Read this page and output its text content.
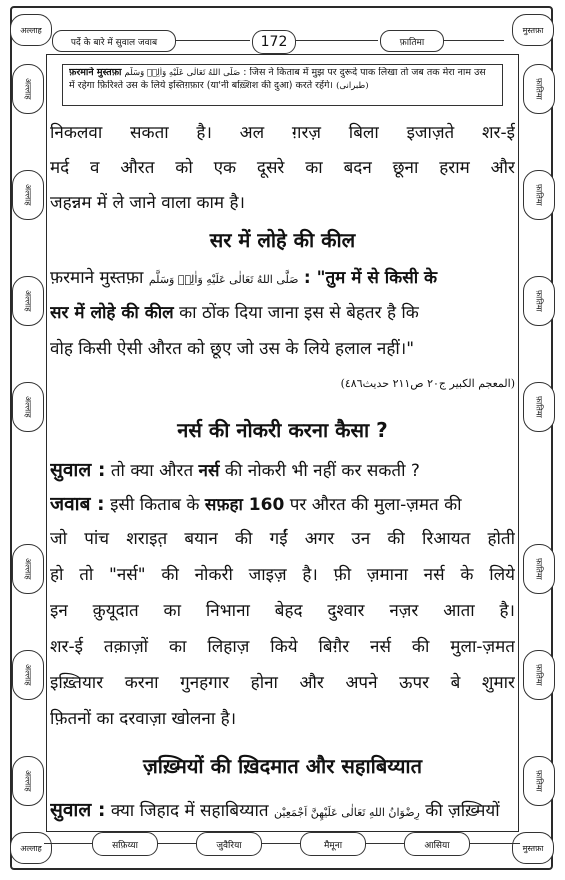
पर्दे के बारे में सुवाल जवाब	172	फ़ातिमा
अल्लाह	मुस्तफ़ा
अल्लाह	मुस्तफ़ा
अल्लाह
अल्लाह
अल्लाह
अल्लाह
अल्लाह
अल्लाह
अल्लाह
फ़ातिमा
फ़ातिमा
फ़ातिमा
फ़ातिमा
फ़ातिमा
फ़ातिमा
फ़ातिमा
फ़रमाने मुस्तफ़ा صَلَّى اللهُ تَعَالٰى عَلَيْهِ وَاٰلِهٖ وَسَلَّم : जिस ने किताब में मुझ पर दुरूदे पाक लिखा तो जब तक मेरा नाम उस
में रहेगा फ़िरिश्ते उस के लिये इस्तिग़फ़ार (या'नी बख़्शिश की दुआ) करते रहेंगे। (طبرانی)
निकलवा सकता है। अल ग़रज़ बिला इजाज़ते शर-ई
मर्द व औरत को एक दूसरे का बदन छूना हराम और
जहन्नम में ले जाने वाला काम है।
सर में लोहे की कील
फ़रमाने मुस्तफ़ा صَلَّى اللهُ تَعَالٰى عَلَيْهِ وَاٰلِهٖ وَسَلَّم : "तुम में से किसी के
सर में लोहे की कील का ठोंक दिया जाना इस से बेहतर है कि
वोह किसी ऐसी औरत को छूए जो उस के लिये हलाल नहीं।"
(المعجم الکبیر ج٢٠ ص٢١١ حدیث٤٨٦)
नर्स की नोकरी करना कैसा ?
सुवाल : तो क्या औरत नर्स की नोकरी भी नहीं कर सकती ?
जवाब : इसी किताब के सफ़हा 160 पर औरत की मुला-ज़मत की
जो पांच शराइत़ बयान की गईं अगर उन की रिआयत होती
हो तो "नर्स" की नोकरी जाइज़ है। फ़ी ज़माना नर्स के लिये
इन क़ुयूदात का निभाना बेहद दुश्वार नज़र आता है।
शर-ई तक़ाज़ों का लिहाज़ किये बिग़ैर नर्स की मुला-ज़मत
इख़्तियार करना गुनहगार होना और अपने ऊपर बे शुमार
फ़ितनों का दरवाज़ा खोलना है।
ज़ख़्मियों की ख़िदमात और सहाबिय्यात
सुवाल : क्या जिहाद में सहाबिय्यात رِضْوَانُ اللهِ تَعَالٰى عَلَيْهِنَّ اَجْمَعِيْن की ज़ख़्मियों
सफ़िय्या	जुवैरिया	मैमूना	आसिया
